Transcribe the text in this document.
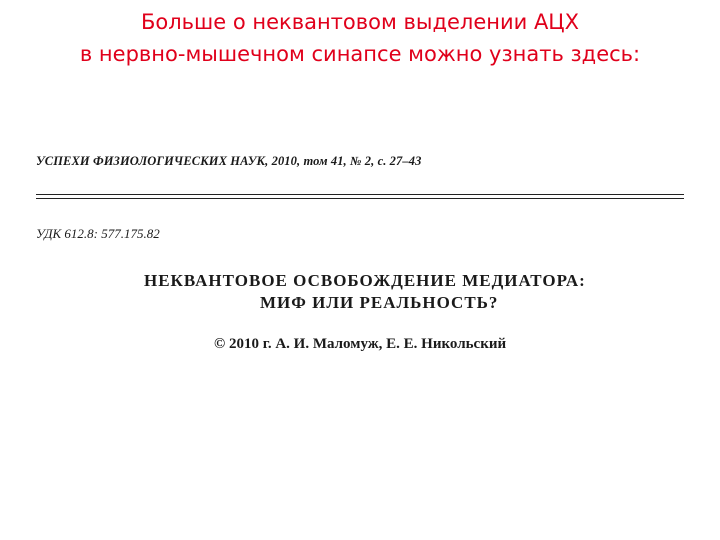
Больше о неквантовом выделении АЦХ
в нервно-мышечном синапсе можно узнать здесь:
УСПЕХИ ФИЗИОЛОГИЧЕСКИХ НАУК, 2010, том 41, № 2, с. 27–43
УДК 612.8: 577.175.82
НЕКВАНТОВОЕ ОСВОБОЖДЕНИЕ МЕДИАТОРА:
МИФ ИЛИ РЕАЛЬНОСТЬ?
© 2010 г. А. И. Маломуж, Е. Е. Никольский
